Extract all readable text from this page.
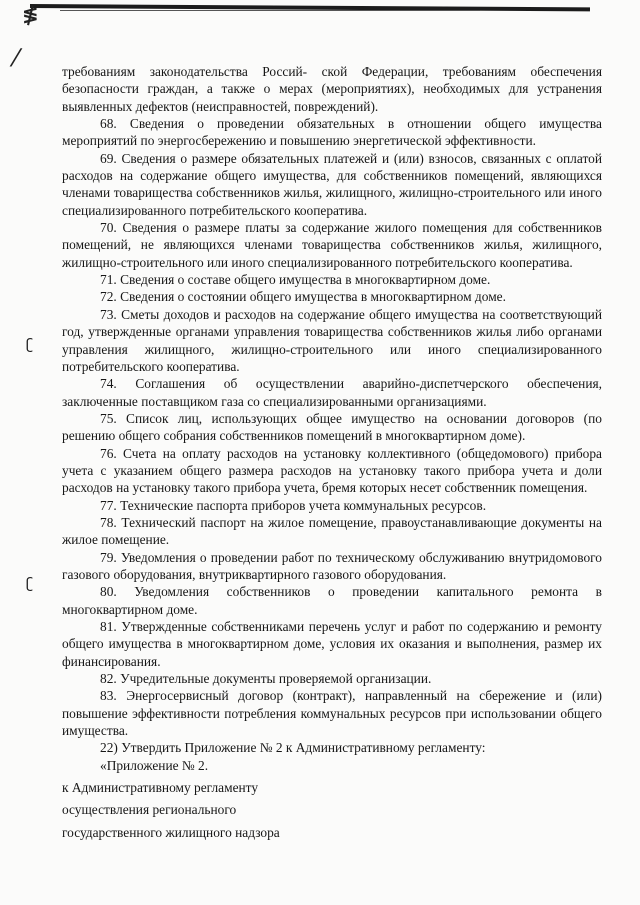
≸
⁄
ʗ
ʗ

требованиям законодательства Россий- ской Федерации, требованиям обеспечения безопасности граждан, а также о мерах (мероприятиях), необходимых для устранения выявленных дефектов (неисправностей, повреждений).

68. Сведения о проведении обязательных в отношении общего имущества мероприятий по энергосбережению и повышению энергетической эффективности.

69. Сведения о размере обязательных платежей и (или) взносов, связанных с оплатой расходов на содержание общего имущества, для собственников помещений, являющихся членами товарищества собственников жилья, жилищного, жилищно-строительного или иного специализированного потребительского кооператива.

70. Сведения о размере платы за содержание жилого помещения для собственников помещений, не являющихся членами товарищества собственников жилья, жилищного, жилищно-строительного или иного специализированного потребительского кооператива.

71. Сведения о составе общего имущества в многоквартирном доме.

72. Сведения о состоянии общего имущества в многоквартирном доме.

73. Сметы доходов и расходов на содержание общего имущества на соответствующий год, утвержденные органами управления товарищества собственников жилья либо органами управления жилищного, жилищно-строительного или иного специализированного потребительского кооператива.

74. Соглашения об осуществлении аварийно-диспетчерского обеспечения, заключенные поставщиком газа со специализированными организациями.

75. Список лиц, использующих общее имущество на основании договоров (по решению общего собрания собственников помещений в многоквартирном доме).

76. Счета на оплату расходов на установку коллективного (общедомового) прибора учета с указанием общего размера расходов на установку такого прибора учета и доли расходов на установку такого прибора учета, бремя которых несет собственник помещения.

77. Технические паспорта приборов учета коммунальных ресурсов.

78. Технический паспорт на жилое помещение, правоустанавливающие документы на жилое помещение.

79. Уведомления о проведении работ по техническому обслуживанию внутридомового газового оборудования, внутриквартирного газового оборудования.

80. Уведомления собственников о проведении капитального ремонта в многоквартирном доме.

81. Утвержденные собственниками перечень услуг и работ по содержанию и ремонту общего имущества в многоквартирном доме, условия их оказания и выполнения, размер их финансирования.

82. Учредительные документы проверяемой организации.

83. Энергосервисный договор (контракт), направленный на сбережение и (или) повышение эффективности потребления коммунальных ресурсов при использовании общего имущества.

22) Утвердить Приложение № 2 к Административному регламенту:

«Приложение № 2.

к Административному регламенту

осуществления регионального

государственного жилищного надзора
